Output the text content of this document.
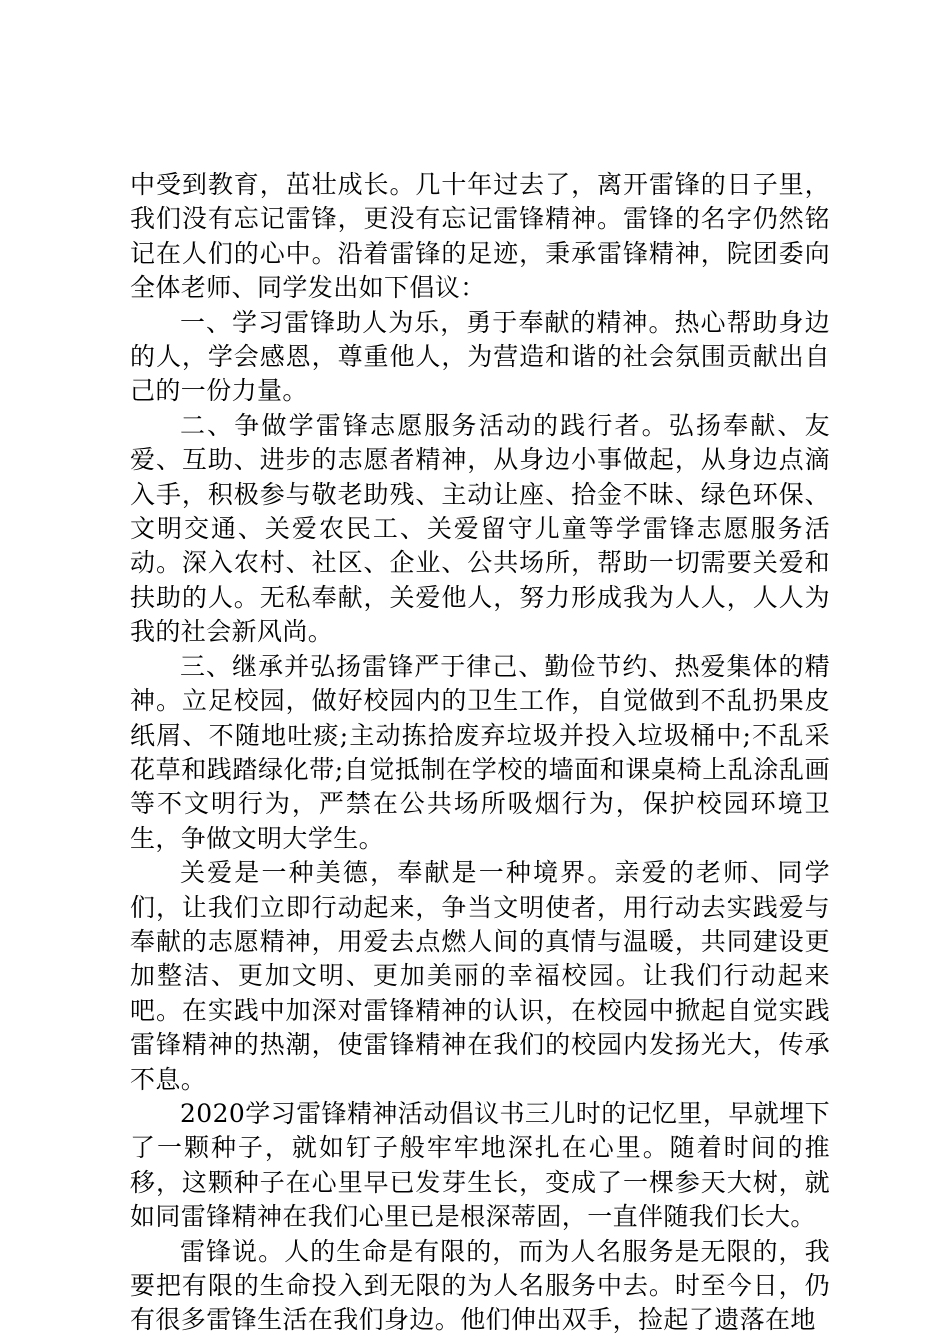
中受到教育，茁壮成长。几十年过去了，离开雷锋的日子里，我们没有忘记雷锋，更没有忘记雷锋精神。雷锋的名字仍然铭记在人们的心中。沿着雷锋的足迹，秉承雷锋精神，院团委向全体老师、同学发出如下倡议：

一、学习雷锋助人为乐，勇于奉献的精神。热心帮助身边的人，学会感恩，尊重他人，为营造和谐的社会氛围贡献出自己的一份力量。

二、争做学雷锋志愿服务活动的践行者。弘扬奉献、友爱、互助、进步的志愿者精神，从身边小事做起，从身边点滴入手，积极参与敬老助残、主动让座、拾金不昧、绿色环保、文明交通、关爱农民工、关爱留守儿童等学雷锋志愿服务活动。深入农村、社区、企业、公共场所，帮助一切需要关爱和扶助的人。无私奉献，关爱他人，努力形成我为人人，人人为我的社会新风尚。

三、继承并弘扬雷锋严于律己、勤俭节约、热爱集体的精神。立足校园，做好校园内的卫生工作，自觉做到不乱扔果皮纸屑、不随地吐痰;主动拣拾废弃垃圾并投入垃圾桶中;不乱采花草和践踏绿化带;自觉抵制在学校的墙面和课桌椅上乱涂乱画等不文明行为，严禁在公共场所吸烟行为，保护校园环境卫生，争做文明大学生。

关爱是一种美德，奉献是一种境界。亲爱的老师、同学们，让我们立即行动起来，争当文明使者，用行动去实践爱与奉献的志愿精神，用爱去点燃人间的真情与温暖，共同建设更加整洁、更加文明、更加美丽的幸福校园。让我们行动起来吧。在实践中加深对雷锋精神的认识，在校园中掀起自觉实践雷锋精神的热潮，使雷锋精神在我们的校园内发扬光大，传承不息。

2020学习雷锋精神活动倡议书三儿时的记忆里，早就埋下了一颗种子，就如钉子般牢牢地深扎在心里。随着时间的推移，这颗种子在心里早已发芽生长，变成了一棵参天大树，就如同雷锋精神在我们心里已是根深蒂固，一直伴随我们长大。

雷锋说。人的生命是有限的，而为人名服务是无限的，我要把有限的生命投入到无限的为人名服务中去。时至今日，仍有很多雷锋生活在我们身边。他们伸出双手，捡起了遗落在地
